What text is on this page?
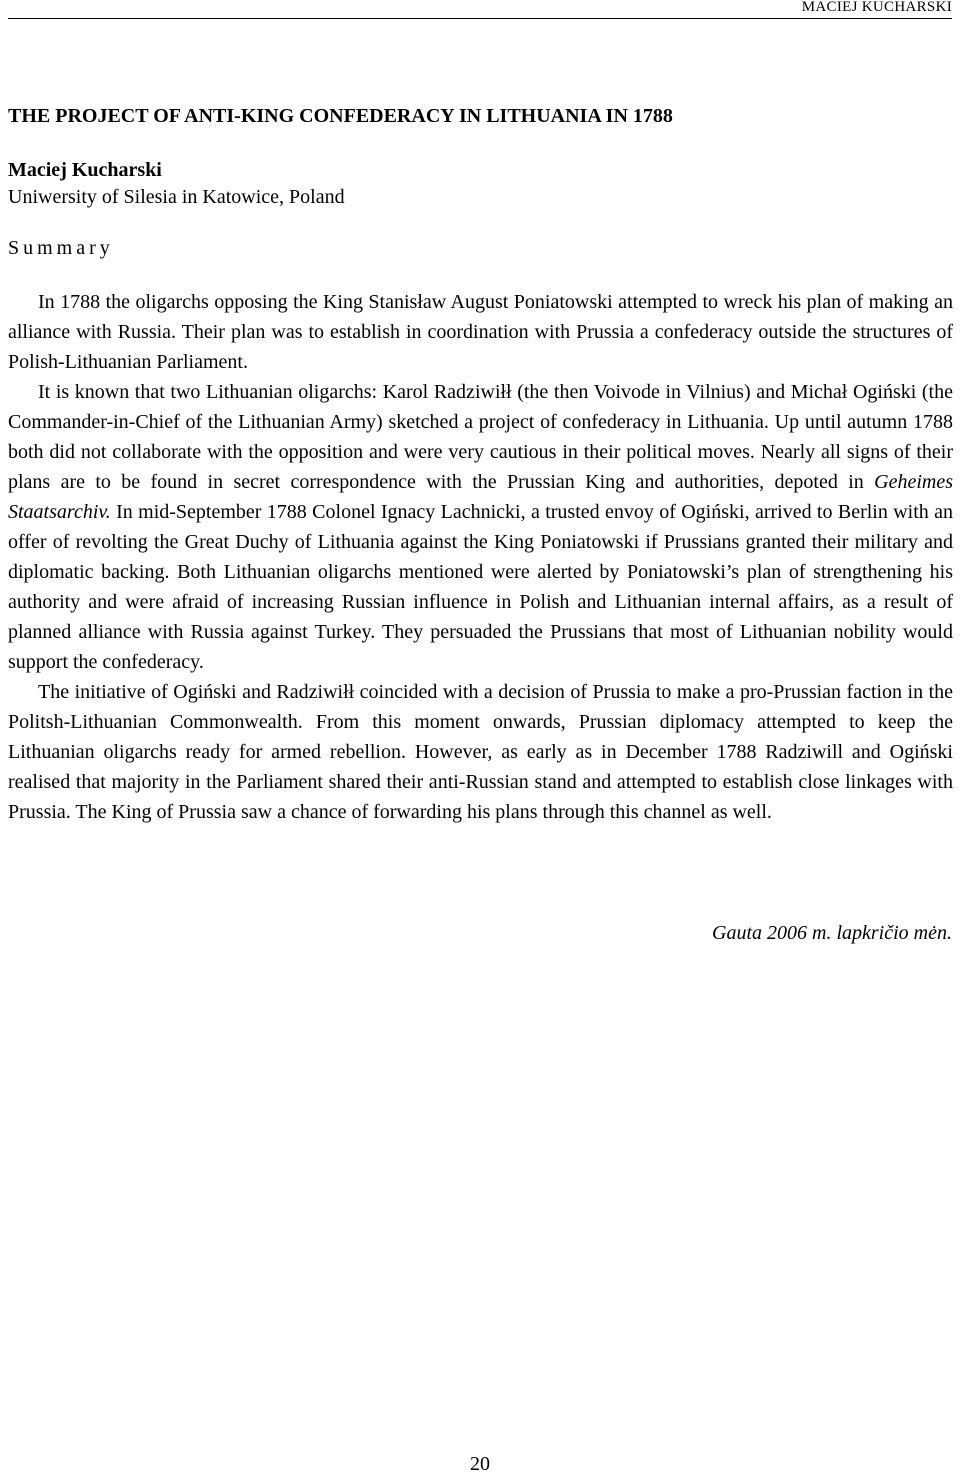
MACIEJ KUCHARSKI
THE PROJECT OF ANTI-KING CONFEDERACY IN LITHUANIA IN 1788
Maciej Kucharski
Uniwersity of Silesia in Katowice, Poland
Summary

In 1788 the oligarchs opposing the King Stanisław August Poniatowski attempted to wreck his plan of making an alliance with Russia. Their plan was to establish in coordination with Prussia a confederacy outside the structures of Polish-Lithuanian Parliament.

It is known that two Lithuanian oligarchs: Karol Radziwiłł (the then Voivode in Vilnius) and Michał Ogiński (the Commander-in-Chief of the Lithuanian Army) sketched a project of confederacy in Lithuania. Up until autumn 1788 both did not collaborate with the opposition and were very cautious in their political moves. Nearly all signs of their plans are to be found in secret correspondence with the Prussian King and authorities, depoted in Geheimes Staatsarchiv. In mid-September 1788 Colonel Ignacy Lachnicki, a trusted envoy of Ogiński, arrived to Berlin with an offer of revolting the Great Duchy of Lithuania against the King Poniatowski if Prussians granted their military and diplomatic backing. Both Lithuanian oligarchs mentioned were alerted by Poniatowski’s plan of strengthening his authority and were afraid of increasing Russian influence in Polish and Lithuanian internal affairs, as a result of planned alliance with Russia against Turkey. They persuaded the Prussians that most of Lithuanian nobility would support the confederacy.

The initiative of Ogiński and Radziwiłł coincided with a decision of Prussia to make a pro-Prussian faction in the Politsh-Lithuanian Commonwealth. From this moment onwards, Prussian diplomacy attempted to keep the Lithuanian oligarchs ready for armed rebellion. However, as early as in December 1788 Radziwill and Ogiński realised that majority in the Parliament shared their anti-Russian stand and attempted to establish close linkages with Prussia. The King of Prussia saw a chance of forwarding his plans through this channel as well.

Gauta 2006 m. lapkričio mėn.
20
